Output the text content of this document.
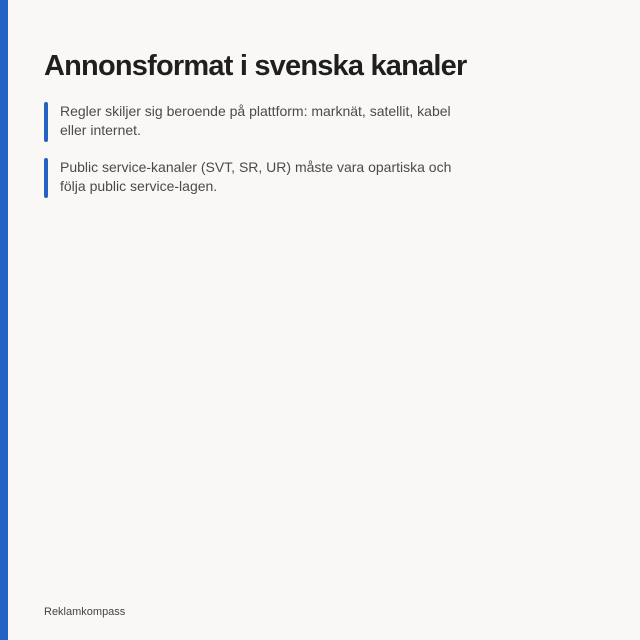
Annonsformat i svenska kanaler
Regler skiljer sig beroende på plattform: marknät, satellit, kabel eller internet.
Public service-kanaler (SVT, SR, UR) måste vara opartiska och följa public service-lagen.
Reklamkompass
